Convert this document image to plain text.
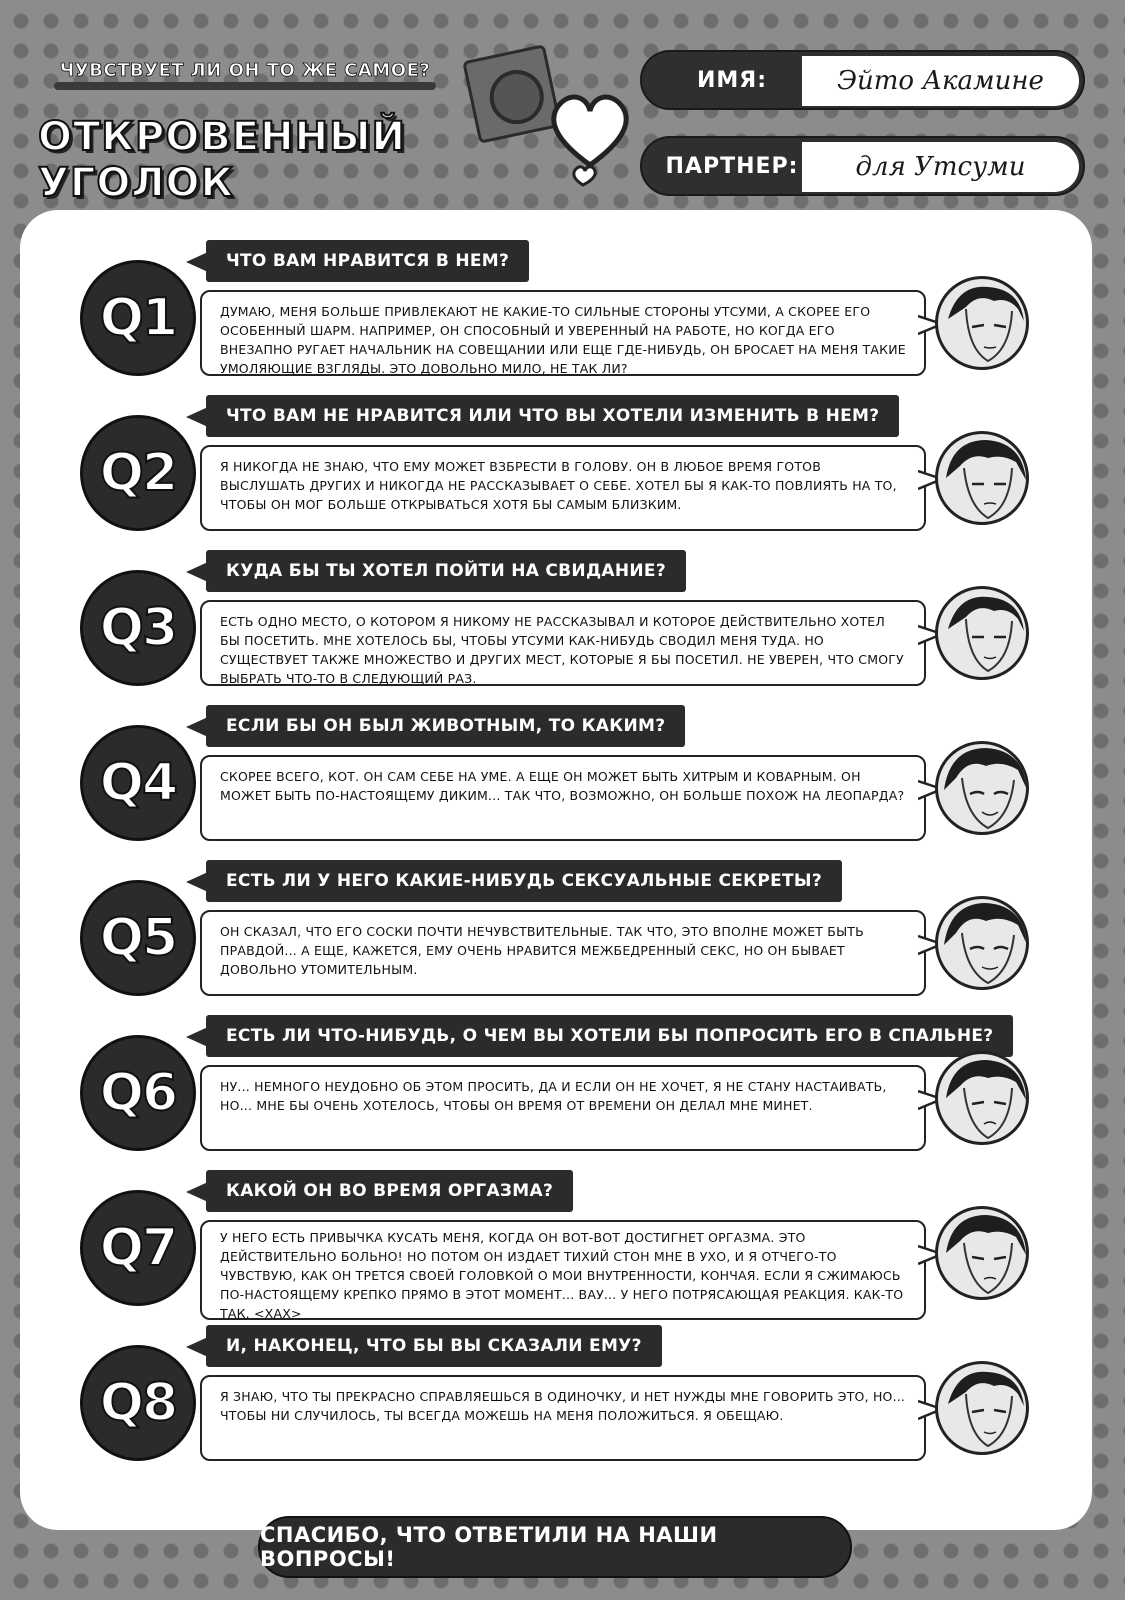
ЧУВСТВУЕТ ЛИ ОН ТО ЖЕ САМОЕ?
ОТКРОВЕННЫЙ УГОЛОК
ИМЯ:	Эйто Акамине
ПАРТНЕР:	для Утсуми
Q1
ЧТО ВАМ НРАВИТСЯ В НЕМ?
ДУМАЮ, МЕНЯ БОЛЬШЕ ПРИВЛЕКАЮТ НЕ КАКИЕ-ТО СИЛЬНЫЕ СТОРОНЫ УТСУМИ, А СКОРЕЕ ЕГО ОСОБЕННЫЙ ШАРМ. НАПРИМЕР, ОН СПОСОБНЫЙ И УВЕРЕННЫЙ НА РАБОТЕ, НО КОГДА ЕГО ВНЕЗАПНО РУГАЕТ НАЧАЛЬНИК НА СОВЕЩАНИИ ИЛИ ЕЩЕ ГДЕ-НИБУДЬ, ОН БРОСАЕТ НА МЕНЯ ТАКИЕ УМОЛЯЮЩИЕ ВЗГЛЯДЫ. ЭТО ДОВОЛЬНО МИЛО, НЕ ТАК ЛИ?
Q2
ЧТО ВАМ НЕ НРАВИТСЯ ИЛИ ЧТО ВЫ ХОТЕЛИ ИЗМЕНИТЬ В НЕМ?
Я НИКОГДА НЕ ЗНАЮ, ЧТО ЕМУ МОЖЕТ ВЗБРЕСТИ В ГОЛОВУ. ОН В ЛЮБОЕ ВРЕМЯ ГОТОВ ВЫСЛУШАТЬ ДРУГИХ И НИКОГДА НЕ РАССКАЗЫВАЕТ О СЕБЕ. ХОТЕЛ БЫ Я КАК-ТО ПОВЛИЯТЬ НА ТО, ЧТОБЫ ОН МОГ БОЛЬШЕ ОТКРЫВАТЬСЯ ХОТЯ БЫ САМЫМ БЛИЗКИМ.
Q3
КУДА БЫ ТЫ ХОТЕЛ ПОЙТИ НА СВИДАНИЕ?
ЕСТЬ ОДНО МЕСТО, О КОТОРОМ Я НИКОМУ НЕ РАССКАЗЫВАЛ И КОТОРОЕ ДЕЙСТВИТЕЛЬНО ХОТЕЛ БЫ ПОСЕТИТЬ. МНЕ ХОТЕЛОСЬ БЫ, ЧТОБЫ УТСУМИ КАК-НИБУДЬ СВОДИЛ МЕНЯ ТУДА. НО СУЩЕСТВУЕТ ТАКЖЕ МНОЖЕСТВО И ДРУГИХ МЕСТ, КОТОРЫЕ Я БЫ ПОСЕТИЛ. НЕ УВЕРЕН, ЧТО СМОГУ ВЫБРАТЬ ЧТО-ТО В СЛЕДУЮЩИЙ РАЗ.
Q4
ЕСЛИ БЫ ОН БЫЛ ЖИВОТНЫМ, ТО КАКИМ?
СКОРЕЕ ВСЕГО, КОТ. ОН САМ СЕБЕ НА УМЕ. А ЕЩЕ ОН МОЖЕТ БЫТЬ ХИТРЫМ И КОВАРНЫМ. ОН МОЖЕТ БЫТЬ ПО-НАСТОЯЩЕМУ ДИКИМ... ТАК ЧТО, ВОЗМОЖНО, ОН БОЛЬШЕ ПОХОЖ НА ЛЕОПАРДА?
Q5
ЕСТЬ ЛИ У НЕГО КАКИЕ-НИБУДЬ СЕКСУАЛЬНЫЕ СЕКРЕТЫ?
ОН СКАЗАЛ, ЧТО ЕГО СОСКИ ПОЧТИ НЕЧУВСТВИТЕЛЬНЫЕ. ТАК ЧТО, ЭТО ВПОЛНЕ МОЖЕТ БЫТЬ ПРАВДОЙ... А ЕЩЕ, КАЖЕТСЯ, ЕМУ ОЧЕНЬ НРАВИТСЯ МЕЖБЕДРЕННЫЙ СЕКС, НО ОН БЫВАЕТ ДОВОЛЬНО УТОМИТЕЛЬНЫМ.
Q6
ЕСТЬ ЛИ ЧТО-НИБУДЬ, О ЧЕМ ВЫ ХОТЕЛИ БЫ ПОПРОСИТЬ ЕГО В СПАЛЬНЕ?
НУ... НЕМНОГО НЕУДОБНО ОБ ЭТОМ ПРОСИТЬ, ДА И ЕСЛИ ОН НЕ ХОЧЕТ, Я НЕ СТАНУ НАСТАИВАТЬ, НО... МНЕ БЫ ОЧЕНЬ ХОТЕЛОСЬ, ЧТОБЫ ОН ВРЕМЯ ОТ ВРЕМЕНИ ОН ДЕЛАЛ МНЕ МИНЕТ.
Q7
КАКОЙ ОН ВО ВРЕМЯ ОРГАЗМА?
У НЕГО ЕСТЬ ПРИВЫЧКА КУСАТЬ МЕНЯ, КОГДА ОН ВОТ-ВОТ ДОСТИГНЕТ ОРГАЗМА. ЭТО ДЕЙСТВИТЕЛЬНО БОЛЬНО! НО ПОТОМ ОН ИЗДАЕТ ТИХИЙ СТОН МНЕ В УХО, И Я ОТЧЕГО-ТО ЧУВСТВУЮ, КАК ОН ТРЕТСЯ СВОЕЙ ГОЛОВКОЙ О МОИ ВНУТРЕННОСТИ, КОНЧАЯ. ЕСЛИ Я СЖИМАЮСЬ ПО-НАСТОЯЩЕМУ КРЕПКО ПРЯМО В ЭТОТ МОМЕНТ... ВАУ... У НЕГО ПОТРЯСАЮЩАЯ РЕАКЦИЯ. КАК-ТО ТАК. <ХАХ>
Q8
И, НАКОНЕЦ, ЧТО БЫ ВЫ СКАЗАЛИ ЕМУ?
Я ЗНАЮ, ЧТО ТЫ ПРЕКРАСНО СПРАВЛЯЕШЬСЯ В ОДИНОЧКУ, И НЕТ НУЖДЫ МНЕ ГОВОРИТЬ ЭТО, НО... ЧТОБЫ НИ СЛУЧИЛОСЬ, ТЫ ВСЕГДА МОЖЕШЬ НА МЕНЯ ПОЛОЖИТЬСЯ. Я ОБЕЩАЮ.
СПАСИБО, ЧТО ОТВЕТИЛИ НА НАШИ ВОПРОСЫ!
